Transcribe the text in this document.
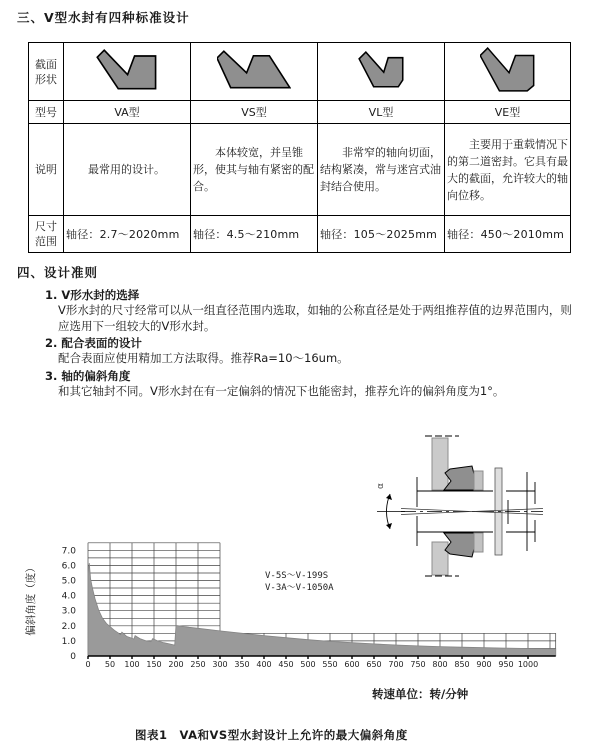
三、V型水封有四种标准设计
截面形状				
型号	VA型	VS型	VL型	VE型
说明	最常用的设计。	本体较宽，并呈锥形，使其与轴有紧密的配合。	非常窄的轴向切面，结构紧凑，常与迷宫式油封结合使用。	主要用于重载情况下的第二道密封。它具有最大的截面，允许较大的轴向位移。

尺寸范围	轴径：2.7～2020mm	轴径：4.5～210mm	轴径：105～2025mm	轴径：450～2010mm
四、设计准则
1. V形水封的选择
V形水封的尺寸经常可以从一组直径范围内选取，如轴的公称直径是处于两组推荐值的边界范围内，则应选用下一组较大的V形水封。
2. 配合表面的设计
配合表面应使用精加工方法取得。推荐Ra=10～16um。
3. 轴的偏斜角度
和其它轴封不同。V形水封在有一定偏斜的情况下也能密封，推荐允许的偏斜角度为1°。
α
0 50 100 150 200 250 300 350 400 450 500 550 600 650 700 750 800 850 900 950 1000
0
1.0
2.0
3.0
4.0
5.0
6.0
7.0
偏斜角度（度）	V-5S～V-199S
V-3A～V-1050A
转速单位：转/分钟
图表1　VA和VS型水封设计上允许的最大偏斜角度
